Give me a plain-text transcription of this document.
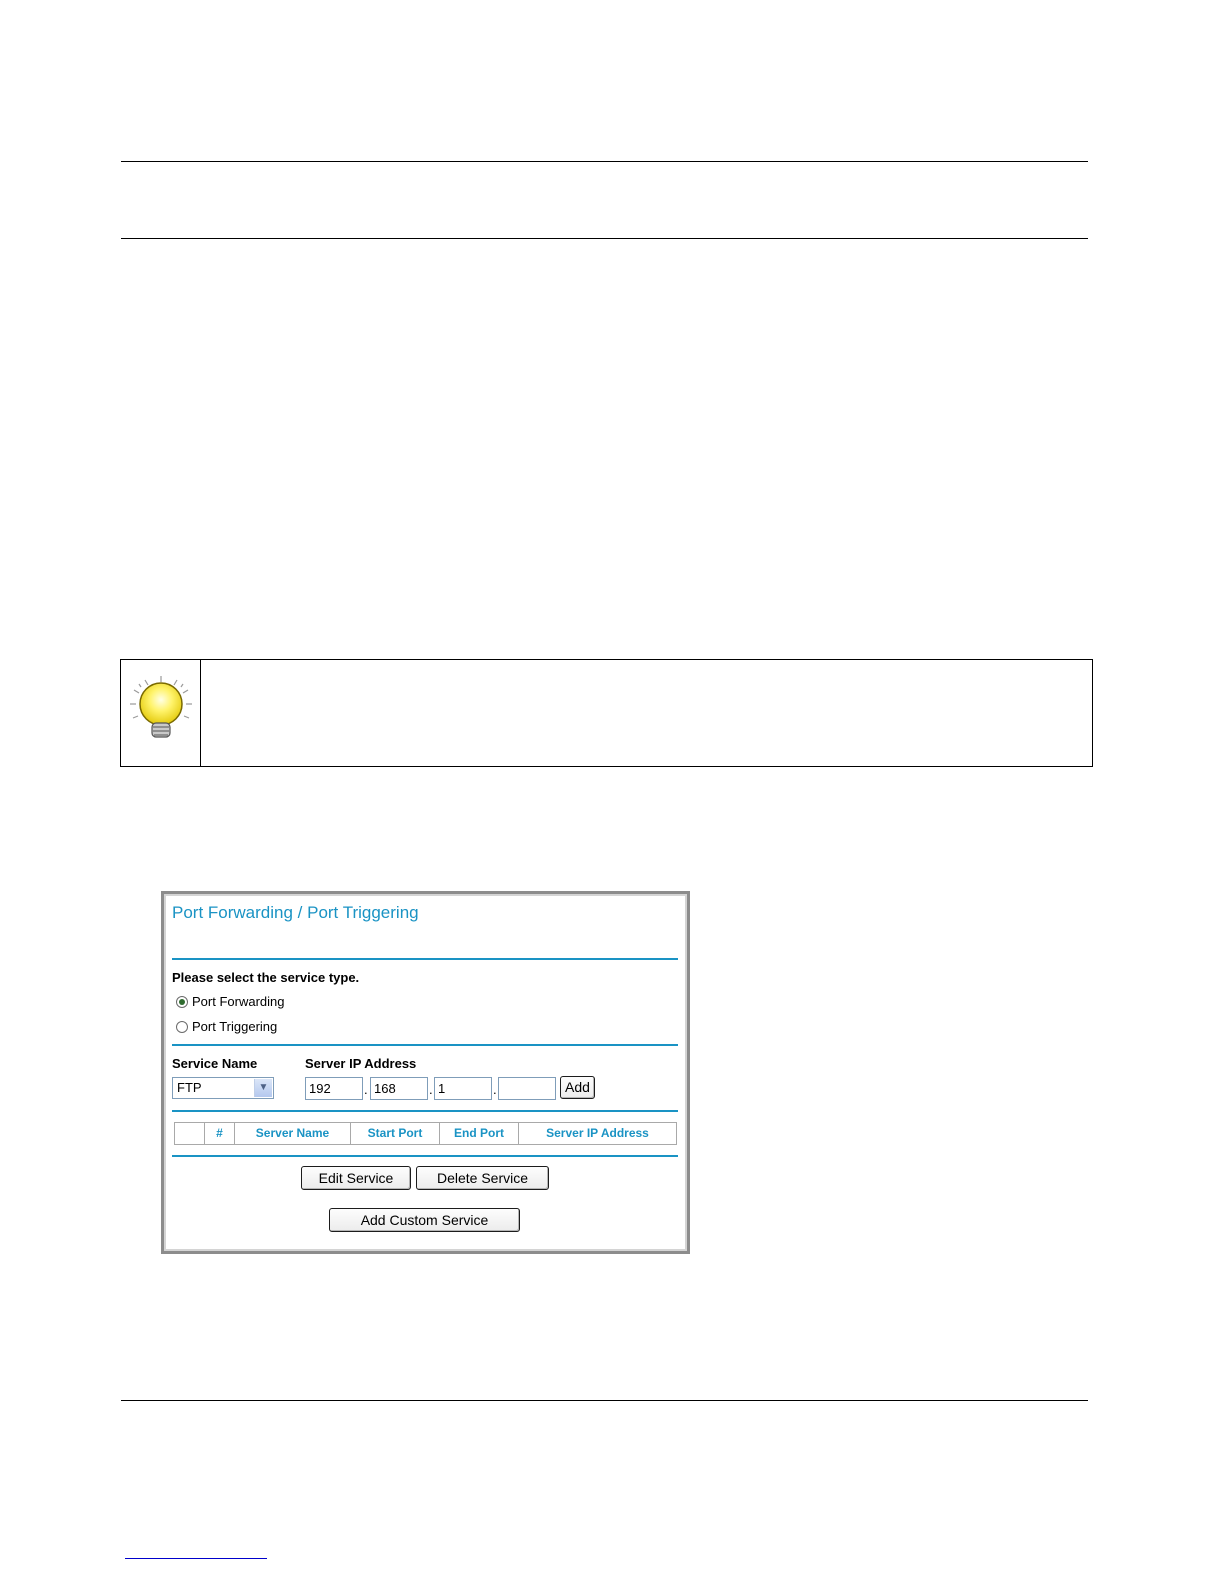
Port Forwarding / Port Triggering
Please select the service type.
Port Forwarding
Port Triggering
Service Name	Server IP Address
FTP	▼	192	. 168	. 1	.	Add
#	Server Name	Start Port	End Port	Server IP Address
Edit Service	Delete Service
Add Custom Service
